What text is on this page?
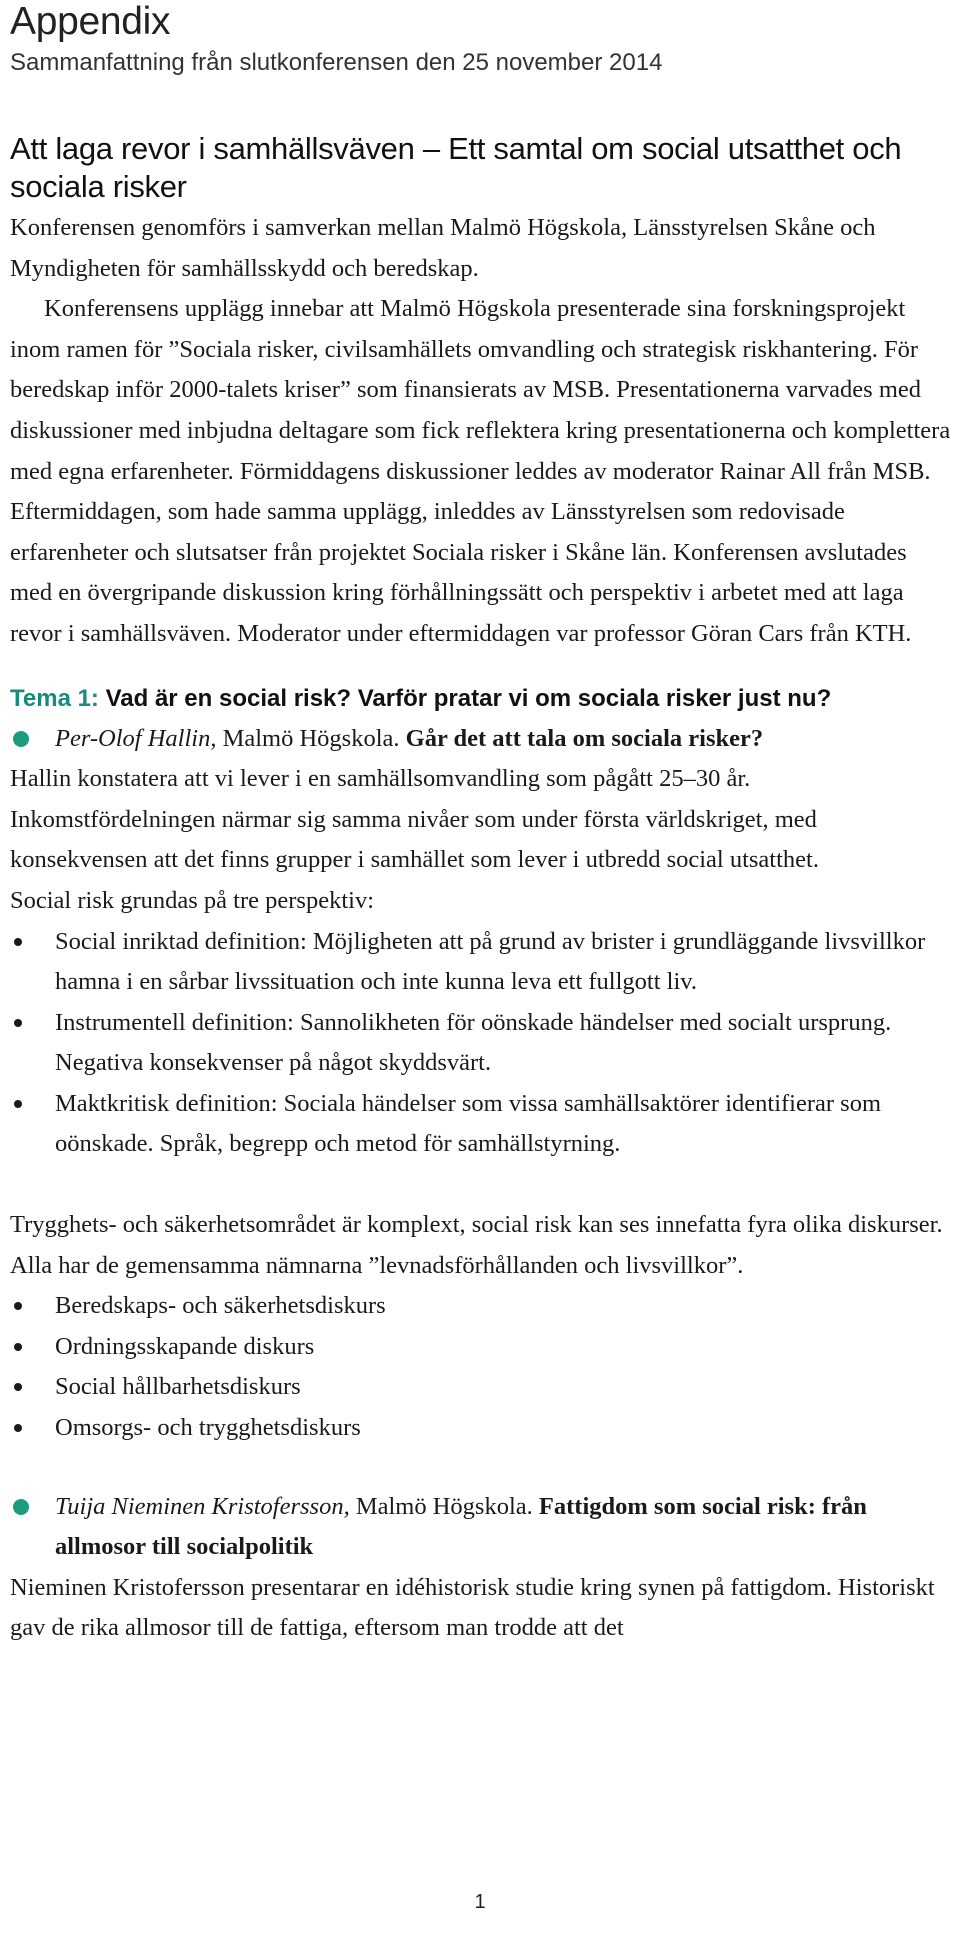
Appendix

Sammanfattning från slutkonferensen den 25 november 2014

Att laga revor i samhällsväven – Ett samtal om social utsatthet och sociala risker

Konferensen genomförs i samverkan mellan Malmö Högskola, Länsstyrelsen Skåne och Myndigheten för samhällsskydd och beredskap.

Konferensens upplägg innebar att Malmö Högskola presenterade sina forskningsprojekt inom ramen för ”Sociala risker, civilsamhällets omvandling och strategisk riskhantering. För beredskap inför 2000-talets kriser” som finansierats av MSB. Presentationerna varvades med diskussioner med inbjudna deltagare som fick reflektera kring presentationerna och komplettera med egna erfarenheter. Förmiddagens diskussioner leddes av moderator Rainar All från MSB. Eftermiddagen, som hade samma upplägg, inleddes av Länsstyrelsen som redovisade erfarenheter och slutsatser från projektet Sociala risker i Skåne län. Konferensen avslutades med en övergripande diskussion kring förhållningssätt och perspektiv i arbetet med att laga revor i samhällsväven. Moderator under eftermiddagen var professor Göran Cars från KTH.

Tema 1: Vad är en social risk? Varför pratar vi om sociala risker just nu?
Per-Olof Hallin, Malmö Högskola. Går det att tala om sociala risker?

Hallin konstatera att vi lever i en samhällsomvandling som pågått 25–30 år. Inkomstfördelningen närmar sig samma nivåer som under första världskriget, med konsekvensen att det finns grupper i samhället som lever i utbredd social utsatthet.

Social risk grundas på tre perspektiv:

Social inriktad definition: Möjligheten att på grund av brister i grundläggande livsvillkor hamna i en sårbar livssituation och inte kunna leva ett fullgott liv.
Instrumentell definition: Sannolikheten för oönskade händelser med socialt ursprung. Negativa konsekvenser på något skyddsvärt.
Maktkritisk definition: Sociala händelser som vissa samhällsaktörer identifierar som oönskade. Språk, begrepp och metod för samhällstyrning.

Trygghets- och säkerhetsområdet är komplext, social risk kan ses innefatta fyra olika diskurser. Alla har de gemensamma nämnarna ”levnadsförhållanden och livsvillkor”.

Beredskaps- och säkerhetsdiskurs
Ordningsskapande diskurs
Social hållbarhetsdiskurs
Omsorgs- och trygghetsdiskurs
Tuija Nieminen Kristofersson, Malmö Högskola. Fattigdom som social risk: från allmosor till socialpolitik

Nieminen Kristofersson presentarar en idéhistorisk studie kring synen på fattigdom. Historiskt gav de rika allmosor till de fattiga, eftersom man trodde att det

1
